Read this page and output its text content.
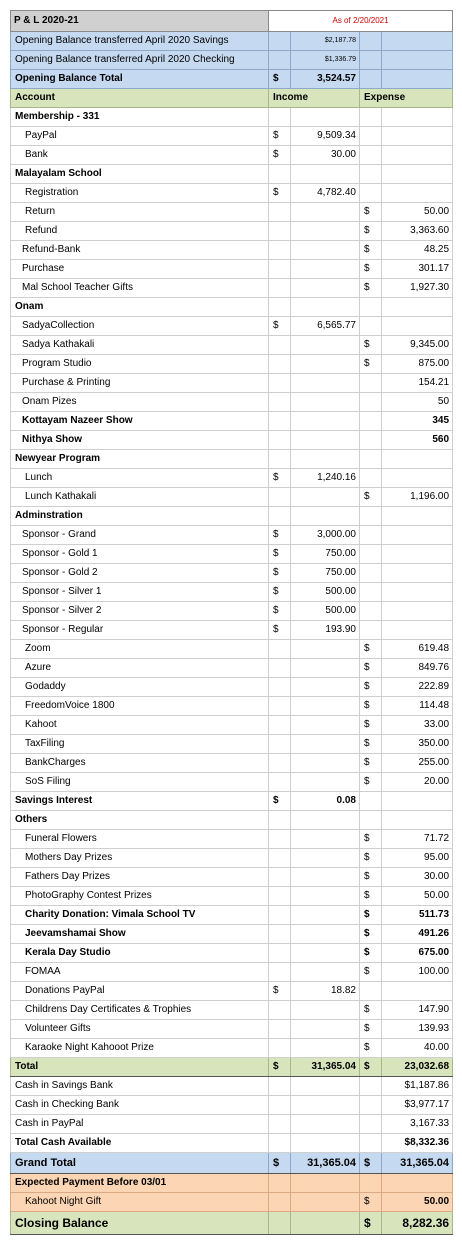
P & L 2020-21	As of 2/20/2021			
Opening Balance transferred April 2020 Savings		$2,187.78		
Opening Balance transferred April 2020 Checking		$1,336.79		
Opening Balance Total	$	3,524.57		
Account	Income		Expense	
Membership - 331				
PayPal	$	9,509.34		
Bank	$	30.00		
Malayalam School				
Registration	$	4,782.40		
Return			$	50.00
Refund			$	3,363.60
Refund-Bank			$	48.25
Purchase			$	301.17
Mal School Teacher Gifts			$	1,927.30
Onam				
SadyaCollection	$	6,565.77		
Sadya Kathakali			$	9,345.00
Program Studio			$	875.00
Purchase & Printing				154.21
Onam Pizes				50
Kottayam Nazeer Show				345
Nithya Show				560
Newyear Program				
Lunch	$	1,240.16		
Lunch Kathakali			$	1,196.00
Adminstration				
Sponsor - Grand	$	3,000.00		
Sponsor - Gold 1	$	750.00		
Sponsor - Gold 2	$	750.00		
Sponsor - Silver 1	$	500.00		
Sponsor - Silver 2	$	500.00		
Sponsor - Regular	$	193.90		
Zoom			$	619.48
Azure			$	849.76
Godaddy			$	222.89
FreedomVoice 1800			$	114.48
Kahoot			$	33.00
TaxFiling			$	350.00
BankCharges			$	255.00
SoS Filing			$	20.00
Savings Interest	$	0.08		
Others				
Funeral Flowers			$	71.72
Mothers Day Prizes			$	95.00
Fathers Day Prizes			$	30.00
PhotoGraphy Contest Prizes			$	50.00
Charity Donation: Vimala School TV			$	511.73
Jeevamshamai Show			$	491.26
Kerala Day Studio			$	675.00
FOMAA			$	100.00
Donations PayPal	$	18.82		
Childrens Day Certificates & Trophies			$	147.90
Volunteer Gifts			$	139.93
Karaoke Night Kahooot Prize			$	40.00
Total	$	31,365.04	$	23,032.68
Cash in Savings Bank				$1,187.86
Cash in Checking Bank				$3,977.17
Cash in PayPal				3,167.33
Total Cash Available				$8,332.36
Grand Total	$	31,365.04	$	31,365.04
Expected Payment Before 03/01				
Kahoot Night Gift			$	50.00
Closing Balance			$	8,282.36
